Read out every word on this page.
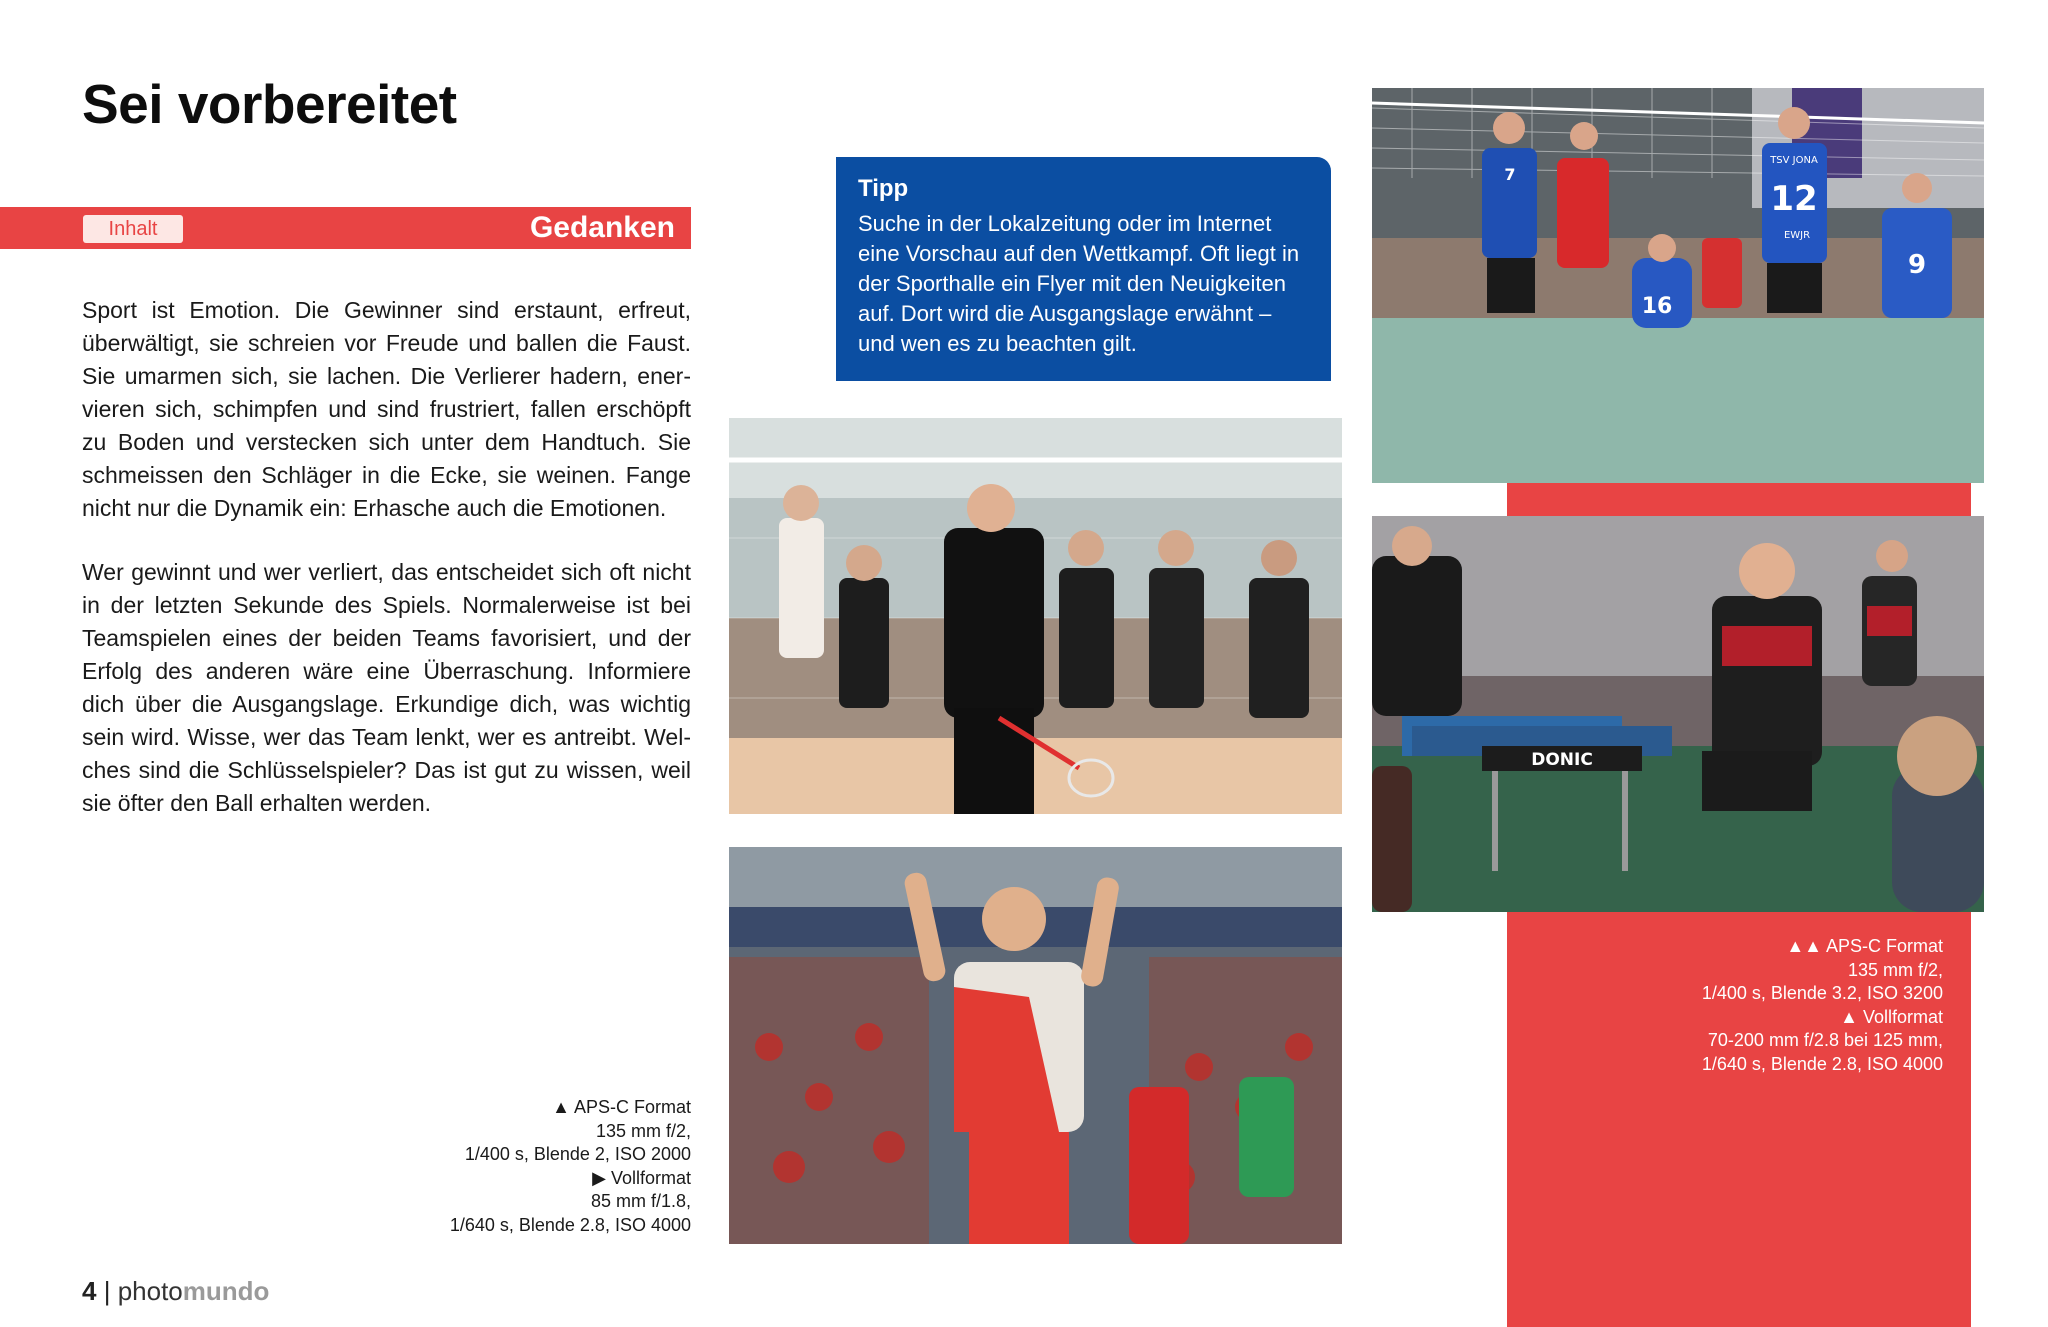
Sei vorbereitet
Gedanken
Inhalt

Sport ist Emotion. Die Gewinner sind erstaunt, erfreut, überwältigt, sie schreien vor Freude und ballen die Faust. Sie umarmen sich, sie lachen. Die Verlierer hadern, enervieren sich, schimpfen und sind frustriert, fallen erschöpft zu Boden und verstecken sich unter dem Handtuch. Sie schmeissen den Schläger in die Ecke, sie weinen. Fange nicht nur die Dynamik ein: Erhasche auch die Emotionen.

Wer gewinnt und wer verliert, das entscheidet sich oft nicht in der letzten Sekunde des Spiels. Normalerweise ist bei Teamspielen eines der beiden Teams favorisiert, und der Erfolg des anderen wäre eine Überraschung. Informiere dich über die Ausgangslage. Erkundige dich, was wichtig sein wird. Wisse, wer das Team lenkt, wer es antreibt. Welches sind die Schlüsselspieler? Das ist gut zu wissen, weil sie öfter den Ball erhalten werden.

Tipp
Suche in der Lokalzeitung oder im Internet eine Vorschau auf den Wettkampf. Oft liegt in der Sporthalle ein Flyer mit den Neuigkeiten auf. Dort wird die Ausgangslage erwähnt – und wen es zu beachten gilt.
12
TSV JONA
EWJR
16
9
7
DONIC
▲ APS-C Format
135 mm f/2,
1/400 s, Blende 2, ISO 2000
▶ Vollformat
85 mm f/1.8,
1/640 s, Blende 2.8, ISO 4000
▲▲ APS-C Format
135 mm f/2,
1/400 s, Blende 3.2, ISO 3200
▲ Vollformat
70-200 mm f/2.8 bei 125 mm,
1/640 s, Blende 2.8, ISO 4000
4 | photomundo
